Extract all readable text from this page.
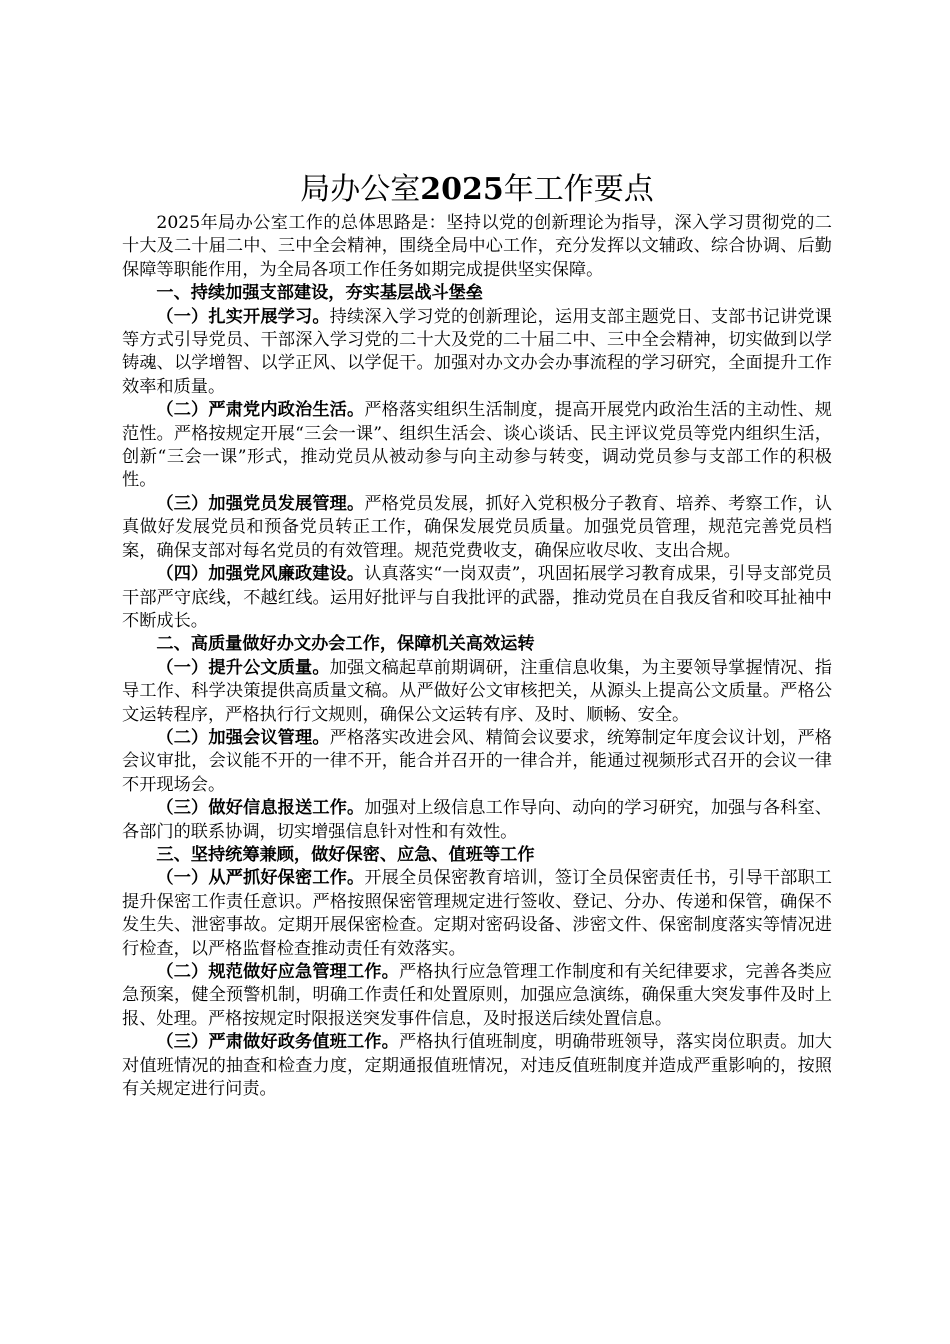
局办公室2025年工作要点

2025年局办公室工作的总体思路是：坚持以党的创新理论为指导，深入学习贯彻党的二十大及二十届二中、三中全会精神，围绕全局中心工作，充分发挥以文辅政、综合协调、后勤保障等职能作用，为全局各项工作任务如期完成提供坚实保障。

一、持续加强支部建设，夯实基层战斗堡垒

（一）扎实开展学习。持续深入学习党的创新理论，运用支部主题党日、支部书记讲党课等方式引导党员、干部深入学习党的二十大及党的二十届二中、三中全会精神，切实做到以学铸魂、以学增智、以学正风、以学促干。加强对办文办会办事流程的学习研究，全面提升工作效率和质量。

（二）严肃党内政治生活。严格落实组织生活制度，提高开展党内政治生活的主动性、规范性。严格按规定开展“三会一课”、组织生活会、谈心谈话、民主评议党员等党内组织生活，创新“三会一课”形式，推动党员从被动参与向主动参与转变，调动党员参与支部工作的积极性。

（三）加强党员发展管理。严格党员发展，抓好入党积极分子教育、培养、考察工作，认真做好发展党员和预备党员转正工作，确保发展党员质量。加强党员管理，规范完善党员档案，确保支部对每名党员的有效管理。规范党费收支，确保应收尽收、支出合规。

（四）加强党风廉政建设。认真落实“一岗双责”，巩固拓展学习教育成果，引导支部党员干部严守底线，不越红线。运用好批评与自我批评的武器，推动党员在自我反省和咬耳扯袖中不断成长。

二、高质量做好办文办会工作，保障机关高效运转

（一）提升公文质量。加强文稿起草前期调研，注重信息收集，为主要领导掌握情况、指导工作、科学决策提供高质量文稿。从严做好公文审核把关，从源头上提高公文质量。严格公文运转程序，严格执行行文规则，确保公文运转有序、及时、顺畅、安全。

（二）加强会议管理。严格落实改进会风、精简会议要求，统筹制定年度会议计划，严格会议审批，会议能不开的一律不开，能合并召开的一律合并，能通过视频形式召开的会议一律不开现场会。

（三）做好信息报送工作。加强对上级信息工作导向、动向的学习研究，加强与各科室、各部门的联系协调，切实增强信息针对性和有效性。

三、坚持统筹兼顾，做好保密、应急、值班等工作

（一）从严抓好保密工作。开展全员保密教育培训，签订全员保密责任书，引导干部职工提升保密工作责任意识。严格按照保密管理规定进行签收、登记、分办、传递和保管，确保不发生失、泄密事故。定期开展保密检查。定期对密码设备、涉密文件、保密制度落实等情况进行检查，以严格监督检查推动责任有效落实。

（二）规范做好应急管理工作。严格执行应急管理工作制度和有关纪律要求，完善各类应急预案，健全预警机制，明确工作责任和处置原则，加强应急演练，确保重大突发事件及时上报、处理。严格按规定时限报送突发事件信息，及时报送后续处置信息。

（三）严肃做好政务值班工作。严格执行值班制度，明确带班领导，落实岗位职责。加大对值班情况的抽查和检查力度，定期通报值班情况，对违反值班制度并造成严重影响的，按照有关规定进行问责。
